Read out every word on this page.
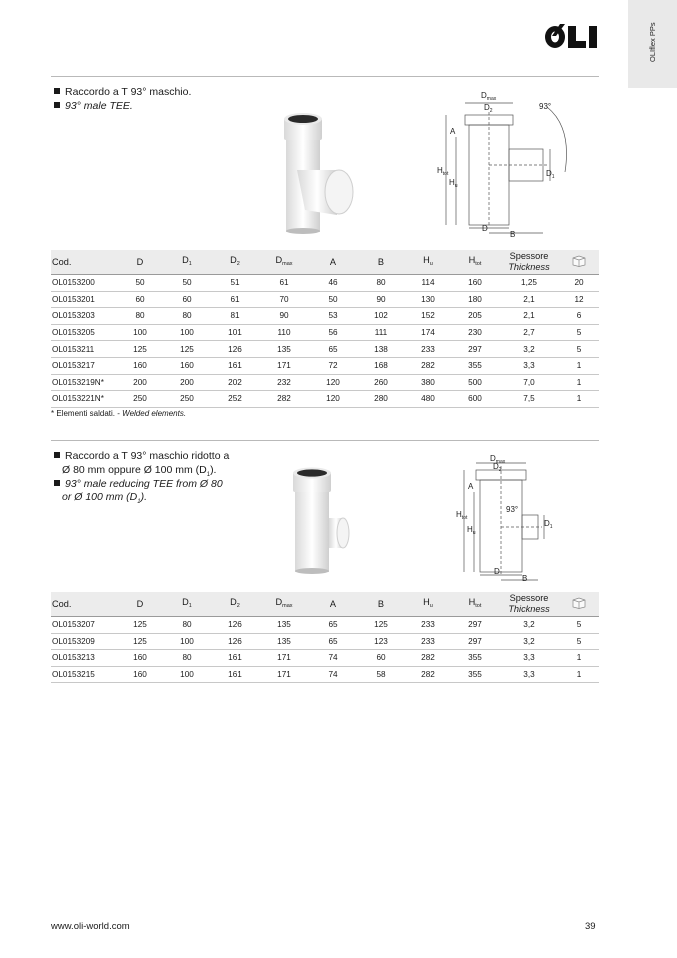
OLIflex PPs
Raccordo a T 93° maschio.
93° male TEE.
$D_{max}$
$D_2$	93°
A
$H_{tot}$
$H_u$
$D_1$
D
B
Cod.	D	$D_1$	$D_2$	$D_{max}$	A	B	$H_u$	$H_{tot}$	Spessore
Thickness	
OL0153200	50	50	51	61	46	80	114	160	1,25	20
OL0153201	60	60	61	70	50	90	130	180	2,1	12
OL0153203	80	80	81	90	53	102	152	205	2,1	6
OL0153205	100	100	101	110	56	111	174	230	2,7	5
OL0153211	125	125	126	135	65	138	233	297	3,2	5
OL0153217	160	160	161	171	72	168	282	355	3,3	1
OL0153219N*	200	200	202	232	120	260	380	500	7,0	1
OL0153221N*	250	250	252	282	120	280	480	600	7,5	1
* Elementi saldati. - Welded elements.
Raccordo a T 93° maschio ridotto a
Ø 80 mm oppure Ø 100 mm $(D_1)$.
93° male reducing TEE from Ø 80
or Ø 100 mm $(D_1)$.
$D_{max}$
$D_2$
A
$H_{tot}$
93°
$H_u$
$D_1$
D
B
Cod.	D	$D_1$	$D_2$	$D_{max}$	A	B	$H_u$	$H_{tot}$	Spessore
Thickness	
OL0153207	125	80	126	135	65	125	233	297	3,2	5
OL0153209	125	100	126	135	65	123	233	297	3,2	5
OL0153213	160	80	161	171	74	60	282	355	3,3	1
OL0153215	160	100	161	171	74	58	282	355	3,3	1
www.oli-world.com	39
